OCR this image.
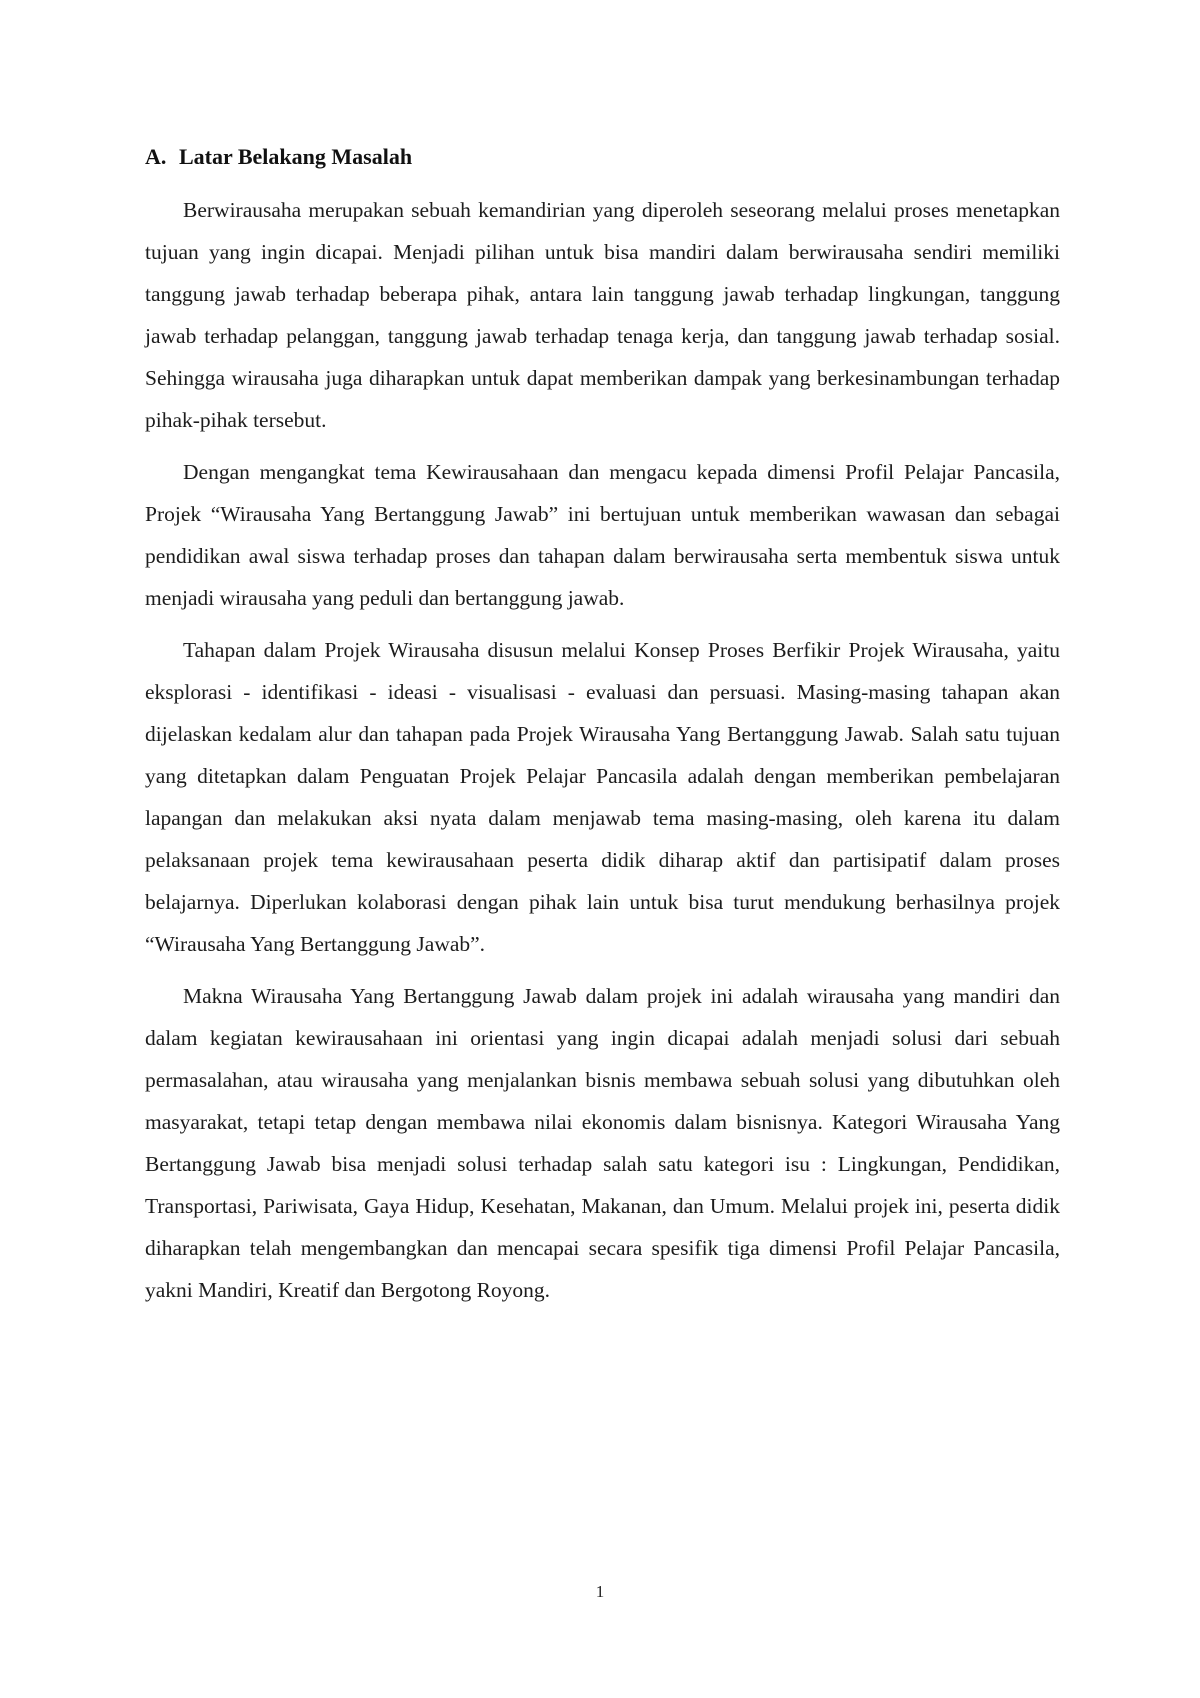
A. Latar Belakang Masalah

Berwirausaha merupakan sebuah kemandirian yang diperoleh seseorang melalui proses menetapkan tujuan yang ingin dicapai. Menjadi pilihan untuk bisa mandiri dalam berwirausaha sendiri memiliki tanggung jawab terhadap beberapa pihak, antara lain tanggung jawab terhadap lingkungan, tanggung jawab terhadap pelanggan, tanggung jawab terhadap tenaga kerja, dan tanggung jawab terhadap sosial. Sehingga wirausaha juga diharapkan untuk dapat memberikan dampak yang berkesinambungan terhadap pihak-pihak tersebut.

Dengan mengangkat tema Kewirausahaan dan mengacu kepada dimensi Profil Pelajar Pancasila, Projek “Wirausaha Yang Bertanggung Jawab” ini bertujuan untuk memberikan wawasan dan sebagai pendidikan awal siswa terhadap proses dan tahapan dalam berwirausaha serta membentuk siswa untuk menjadi wirausaha yang peduli dan bertanggung jawab.

Tahapan dalam Projek Wirausaha disusun melalui Konsep Proses Berfikir Projek Wirausaha, yaitu eksplorasi - identifikasi - ideasi - visualisasi - evaluasi dan persuasi. Masing-masing tahapan akan dijelaskan kedalam alur dan tahapan pada Projek Wirausaha Yang Bertanggung Jawab. Salah satu tujuan yang ditetapkan dalam Penguatan Projek Pelajar Pancasila adalah dengan memberikan pembelajaran lapangan dan melakukan aksi nyata dalam menjawab tema masing-masing, oleh karena itu dalam pelaksanaan projek tema kewirausahaan peserta didik diharap aktif dan partisipatif dalam proses belajarnya. Diperlukan kolaborasi dengan pihak lain untuk bisa turut mendukung berhasilnya projek “Wirausaha Yang Bertanggung Jawab”.

Makna Wirausaha Yang Bertanggung Jawab dalam projek ini adalah wirausaha yang mandiri dan dalam kegiatan kewirausahaan ini orientasi yang ingin dicapai adalah menjadi solusi dari sebuah permasalahan, atau wirausaha yang menjalankan bisnis membawa sebuah solusi yang dibutuhkan oleh masyarakat, tetapi tetap dengan membawa nilai ekonomis dalam bisnisnya. Kategori Wirausaha Yang Bertanggung Jawab bisa menjadi solusi terhadap salah satu kategori isu : Lingkungan, Pendidikan, Transportasi, Pariwisata, Gaya Hidup, Kesehatan, Makanan, dan Umum. Melalui projek ini, peserta didik diharapkan telah mengembangkan dan mencapai secara spesifik tiga dimensi Profil Pelajar Pancasila, yakni Mandiri, Kreatif dan Bergotong Royong.

1
